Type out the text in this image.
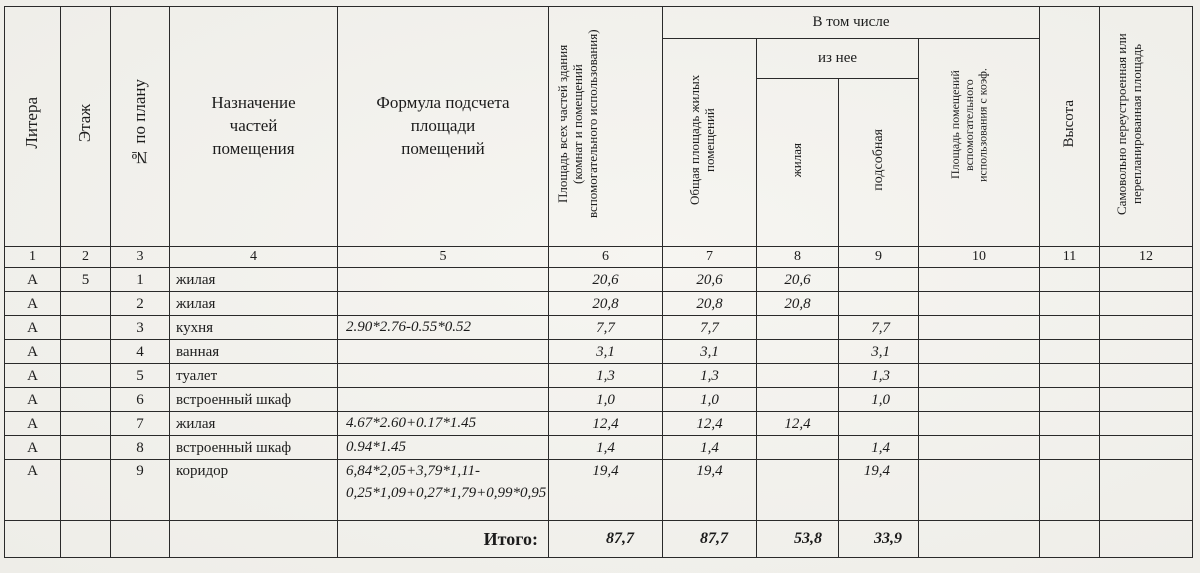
Литера	Этаж	№ по плану	Назначение частей помещения	Формула подсчета площади помещений	Площадь всех частей здания (комнат и помещений вспомогательного использования)	В том числе				Высота	Самовольно переустроенная или перепланированная площадь
						Общая площадь жилых помещений	из нее		Площадь помещений вспомогательного использования с коэф.		
							жилая	подсобная			
1	2	3	4	5	6	7	8	9	10	11	12
А	5	1	жилая		20,6	20,6	20,6				
А		2	жилая		20,8	20,8	20,8				
А		3	кухня	2.90*2.76-0.55*0.52	7,7	7,7		7,7			
А		4	ванная		3,1	3,1		3,1			
А		5	туалет		1,3	1,3		1,3			
А		6	встроенный шкаф		1,0	1,0		1,0			
А		7	жилая	4.67*2.60+0.17*1.45	12,4	12,4	12,4				
А		8	встроенный шкаф	0.94*1.45	1,4	1,4		1,4			
А		9	коридор	6,84*2,05+3,79*1,11-0,25*1,09+0,27*1,79+0,99*0,95	19,4	19,4		19,4			
				Итого:	87,7	87,7	53,8	33,9			
